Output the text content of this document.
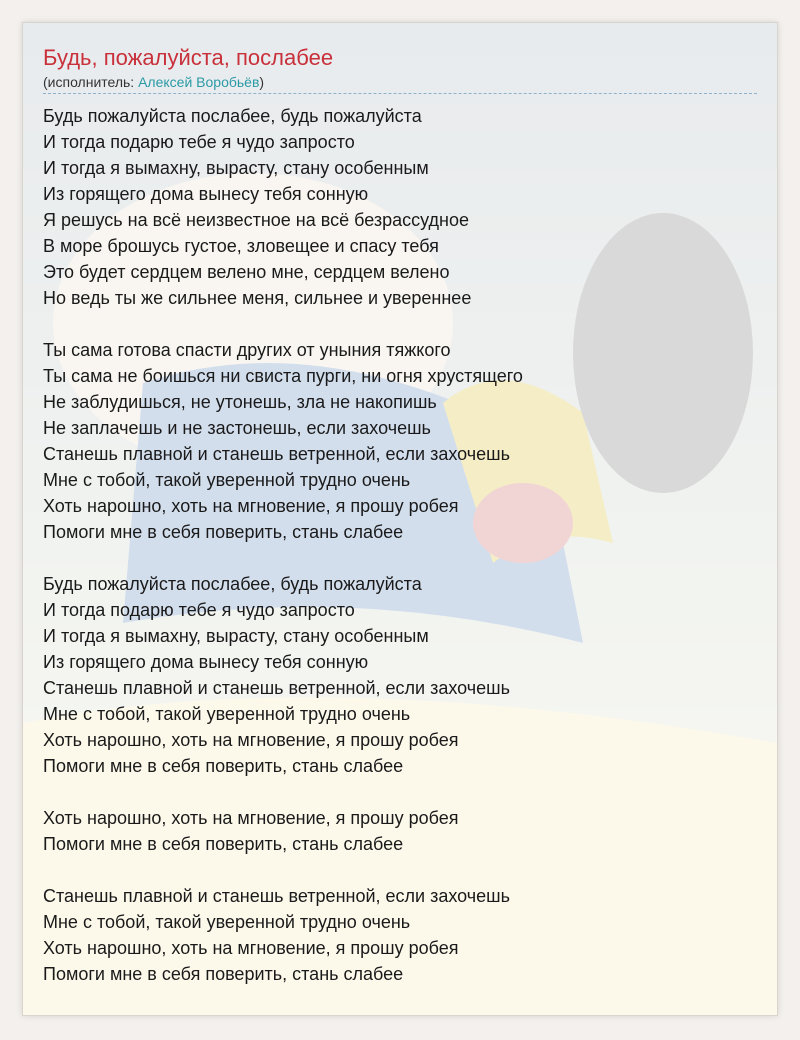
Будь, пожалуйста, послабее
(исполнитель: Алексей Воробьёв)
Будь пожалуйста послабее, будь пожалуйста
И тогда подарю тебе я чудо запросто
И тогда я вымахну, вырасту, стану особенным
Из горящего дома вынесу тебя сонную
Я решусь на всё неизвестное на всё безрассудное
В море брошусь густое, зловещее и спасу тебя
Это будет сердцем велено мне, сердцем велено
Но ведь ты же сильнее меня, сильнее и увереннее
Ты сама готова спасти других от уныния тяжкого
Ты сама не боишься ни свиста пурги, ни огня хрустящего
Не заблудишься, не утонешь, зла не накопишь
Не заплачешь и не застонешь, если захочешь
Станешь плавной и станешь ветренной, если захочешь
Мне с тобой, такой уверенной трудно очень
Хоть нарошно, хоть на мгновение, я прошу робея
Помоги мне в себя поверить, стань слабее
Будь пожалуйста послабее, будь пожалуйста
И тогда подарю тебе я чудо запросто
И тогда я вымахну, вырасту, стану особенным
Из горящего дома вынесу тебя сонную
Станешь плавной и станешь ветренной, если захочешь
Мне с тобой, такой уверенной трудно очень
Хоть нарошно, хоть на мгновение, я прошу робея
Помоги мне в себя поверить, стань слабее
Хоть нарошно, хоть на мгновение, я прошу робея
Помоги мне в себя поверить, стань слабее
Станешь плавной и станешь ветренной, если захочешь
Мне с тобой, такой уверенной трудно очень
Хоть нарошно, хоть на мгновение, я прошу робея
Помоги мне в себя поверить, стань слабее
